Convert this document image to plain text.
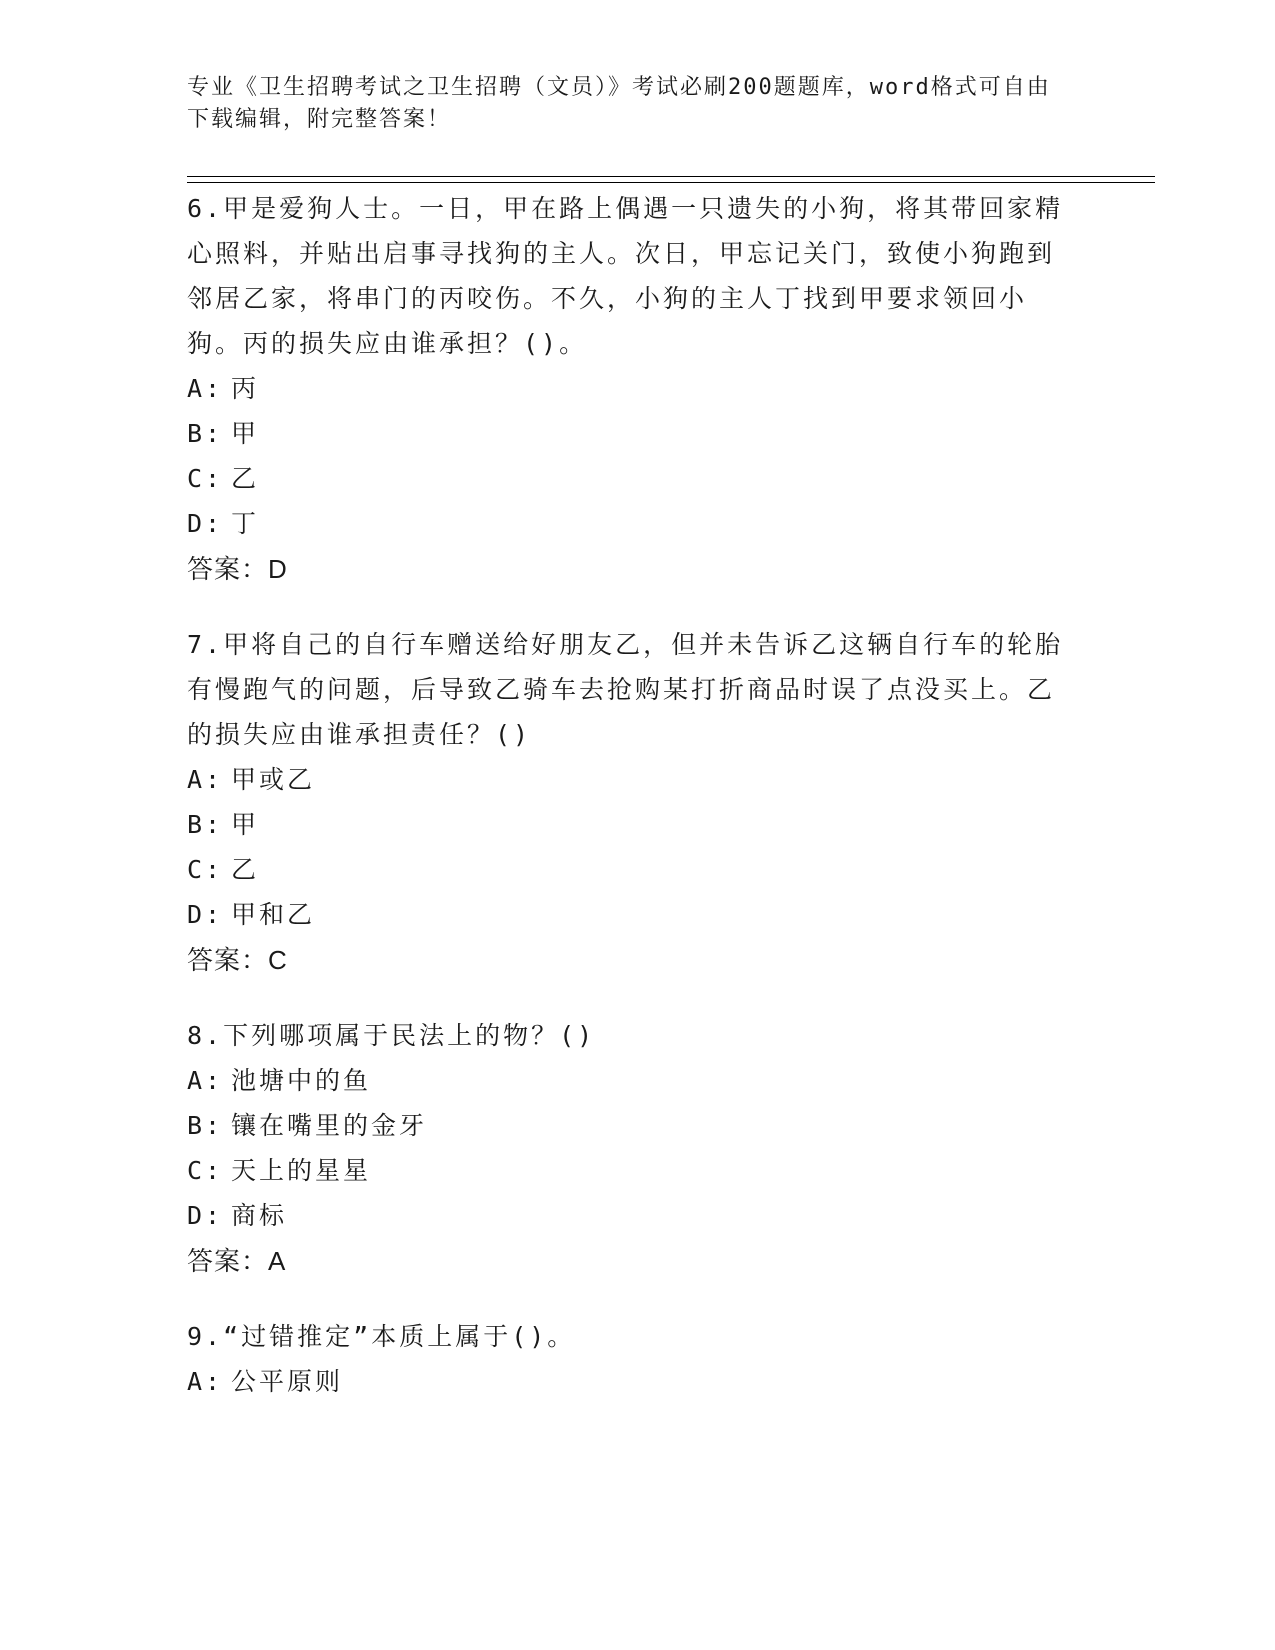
专业《卫生招聘考试之卫生招聘（文员）》考试必刷200题题库，word格式可自由下载编辑，附完整答案！

6.甲是爱狗人士。一日，甲在路上偶遇一只遗失的小狗，将其带回家精心照料，并贴出启事寻找狗的主人。次日，甲忘记关门，致使小狗跑到邻居乙家，将串门的丙咬伤。不久，小狗的主人丁找到甲要求领回小狗。丙的损失应由谁承担？()。

A: 丙

B: 甲

C: 乙

D: 丁

答案：D

7.甲将自己的自行车赠送给好朋友乙，但并未告诉乙这辆自行车的轮胎有慢跑气的问题，后导致乙骑车去抢购某打折商品时误了点没买上。乙的损失应由谁承担责任？()

A: 甲或乙

B: 甲

C: 乙

D: 甲和乙

答案：C

8.下列哪项属于民法上的物？()

A: 池塘中的鱼

B: 镶在嘴里的金牙

C: 天上的星星

D: 商标

答案：A

9.“过错推定”本质上属于()。

A: 公平原则
